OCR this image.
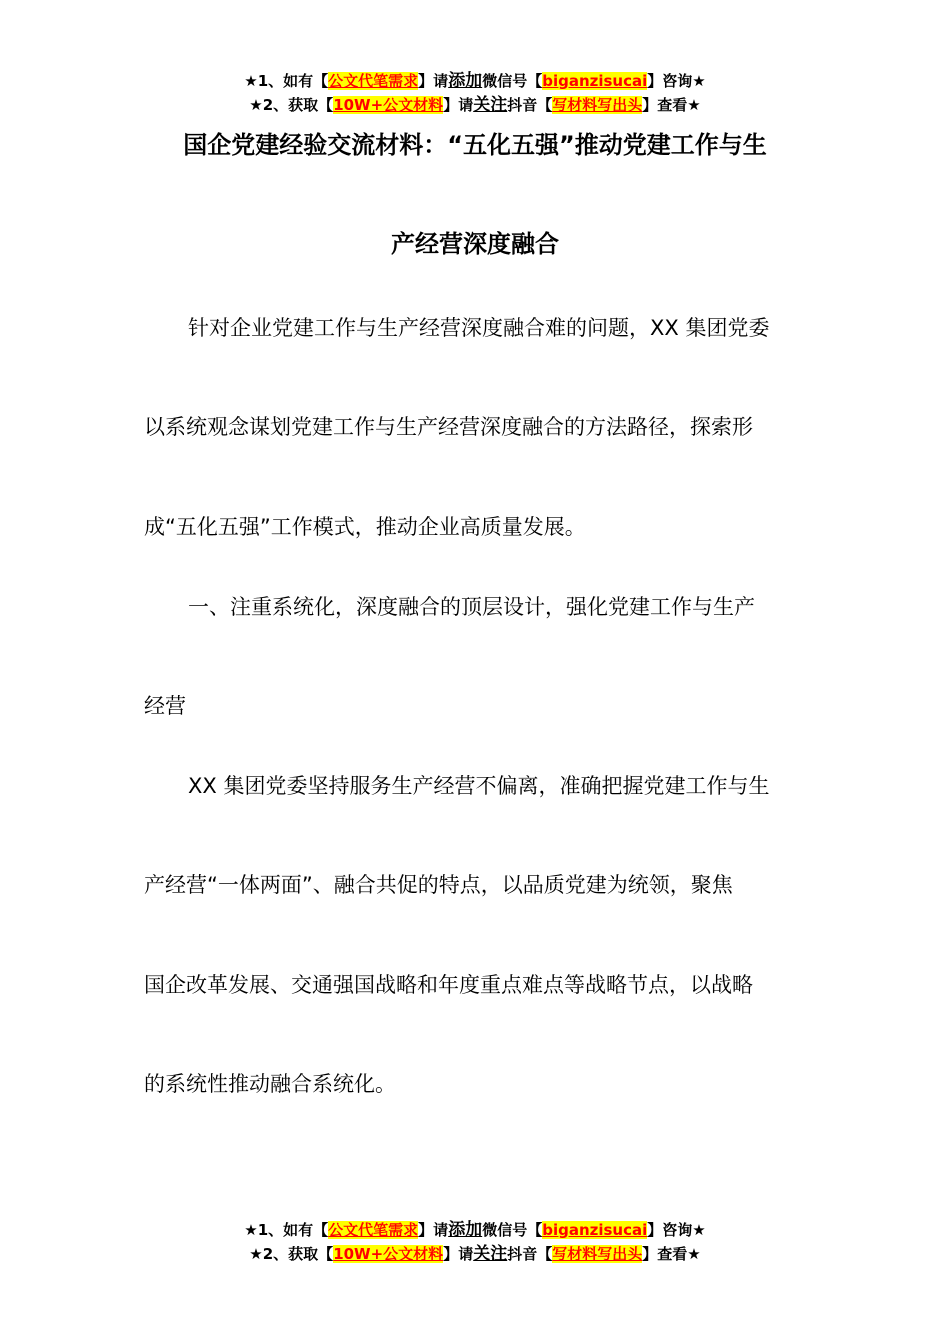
★1、如有【公文代笔需求】请添加微信号【biganzisucai】咨询★
★2、获取【10W+公文材料】请关注抖音【写材料写出头】查看★
国企党建经验交流材料：“五化五强”推动党建工作与生
产经营深度融合
针对企业党建工作与生产经营深度融合难的问题，XX 集团党委
以系统观念谋划党建工作与生产经营深度融合的方法路径，探索形
成“五化五强”工作模式，推动企业高质量发展。
一、注重系统化，深度融合的顶层设计，强化党建工作与生产
经营
XX 集团党委坚持服务生产经营不偏离，准确把握党建工作与生
产经营“一体两面”、融合共促的特点，以品质党建为统领，聚焦
国企改革发展、交通强国战略和年度重点难点等战略节点，以战略
的系统性推动融合系统化。
★1、如有【公文代笔需求】请添加微信号【biganzisucai】咨询★
★2、获取【10W+公文材料】请关注抖音【写材料写出头】查看★
